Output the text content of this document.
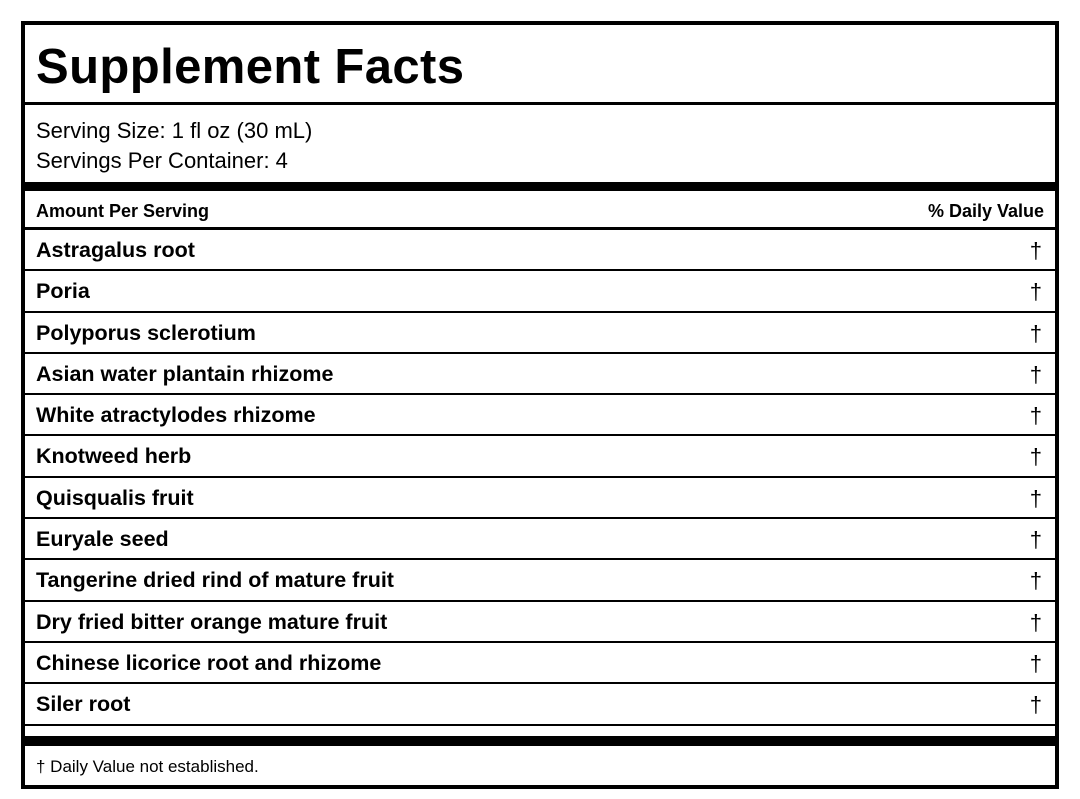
Supplement Facts
Serving Size: 1 fl oz (30 mL)
Servings Per Container: 4
Amount Per Serving	% Daily Value
Astragalus root	†
Poria	†
Polyporus sclerotium	†
Asian water plantain rhizome	†
White atractylodes rhizome	†
Knotweed herb	†
Quisqualis fruit	†
Euryale seed	†
Tangerine dried rind of mature fruit	†
Dry fried bitter orange mature fruit	†
Chinese licorice root and rhizome	†
Siler root	†
† Daily Value not established.
